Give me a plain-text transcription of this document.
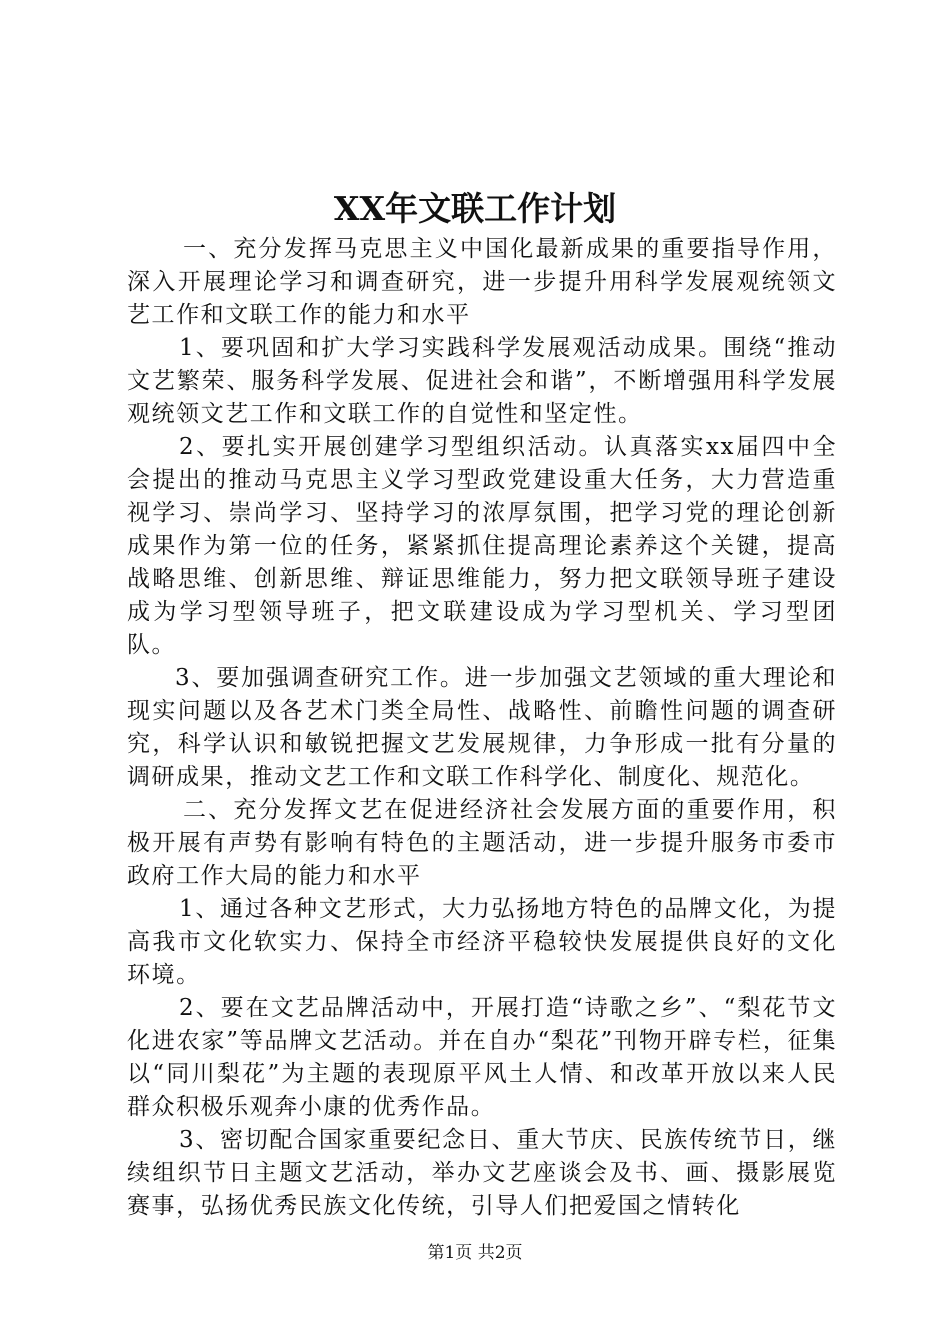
XX年文联工作计划

一、充分发挥马克思主义中国化最新成果的重要指导作用，深入开展理论学习和调查研究，进一步提升用科学发展观统领文艺工作和文联工作的能力和水平

1、要巩固和扩大学习实践科学发展观活动成果。围绕“推动文艺繁荣、服务科学发展、促进社会和谐”，不断增强用科学发展观统领文艺工作和文联工作的自觉性和坚定性。

2、要扎实开展创建学习型组织活动。认真落实xx届四中全会提出的推动马克思主义学习型政党建设重大任务，大力营造重视学习、崇尚学习、坚持学习的浓厚氛围，把学习党的理论创新成果作为第一位的任务，紧紧抓住提高理论素养这个关键，提高战略思维、创新思维、辩证思维能力，努力把文联领导班子建设成为学习型领导班子，把文联建设成为学习型机关、学习型团队。

3、要加强调查研究工作。进一步加强文艺领域的重大理论和现实问题以及各艺术门类全局性、战略性、前瞻性问题的调查研究，科学认识和敏锐把握文艺发展规律，力争形成一批有分量的调研成果，推动文艺工作和文联工作科学化、制度化、规范化。

二、充分发挥文艺在促进经济社会发展方面的重要作用，积极开展有声势有影响有特色的主题活动，进一步提升服务市委市政府工作大局的能力和水平

1、通过各种文艺形式，大力弘扬地方特色的品牌文化，为提高我市文化软实力、保持全市经济平稳较快发展提供良好的文化环境。

2、要在文艺品牌活动中，开展打造“诗歌之乡”、“梨花节文化进农家”等品牌文艺活动。并在自办“梨花”刊物开辟专栏，征集以“同川梨花”为主题的表现原平风土人情、和改革开放以来人民群众积极乐观奔小康的优秀作品。

3、密切配合国家重要纪念日、重大节庆、民族传统节日，继续组织节日主题文艺活动，举办文艺座谈会及书、画、摄影展览赛事，弘扬优秀民族文化传统，引导人们把爱国之情转化

第1页 共2页
